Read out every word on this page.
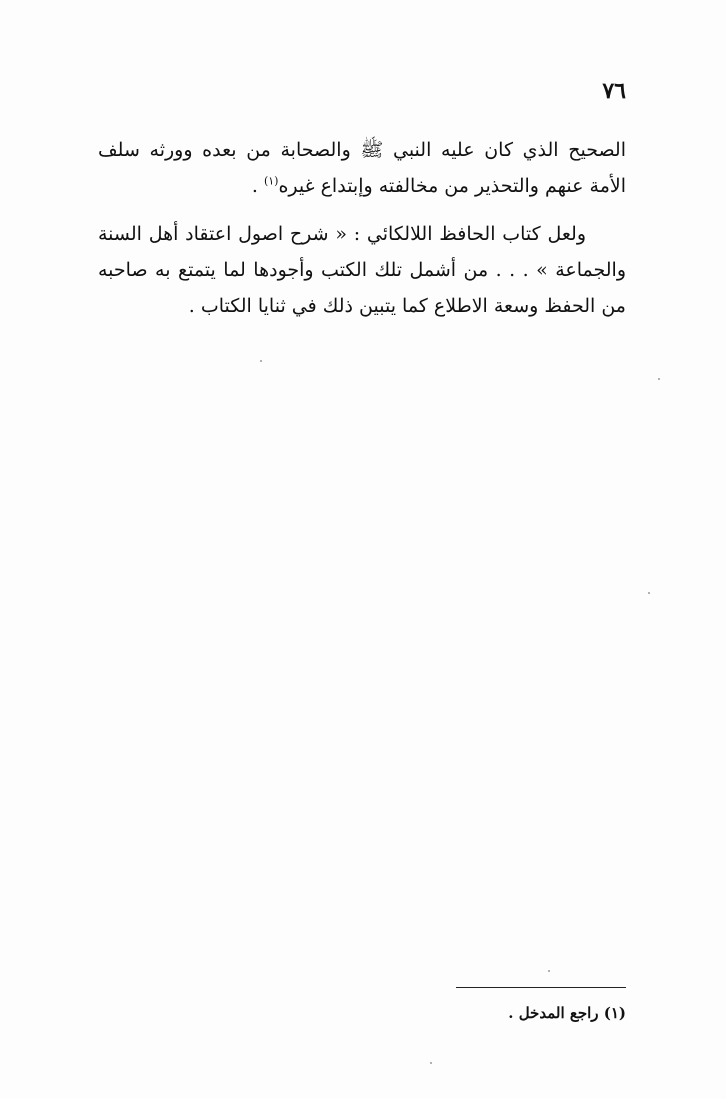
٧٦

الصحيح الذي كان عليه النبي ﷺ والصحابة من بعده وورثه سلف الأمة عنهم والتحذير من مخالفته وإبتداع غيره$^{(١)}$ .

ولعل كتاب الحافظ اللالكائي : « شرح اصول اعتقاد أهل السنة والجماعة » . . . من أشمل تلك الكتب وأجودها لما يتمتع به صاحبه من الحفظ وسعة الاطلاع كما يتبين ذلك في ثنايا الكتاب .

(١) راجع المدخل .
